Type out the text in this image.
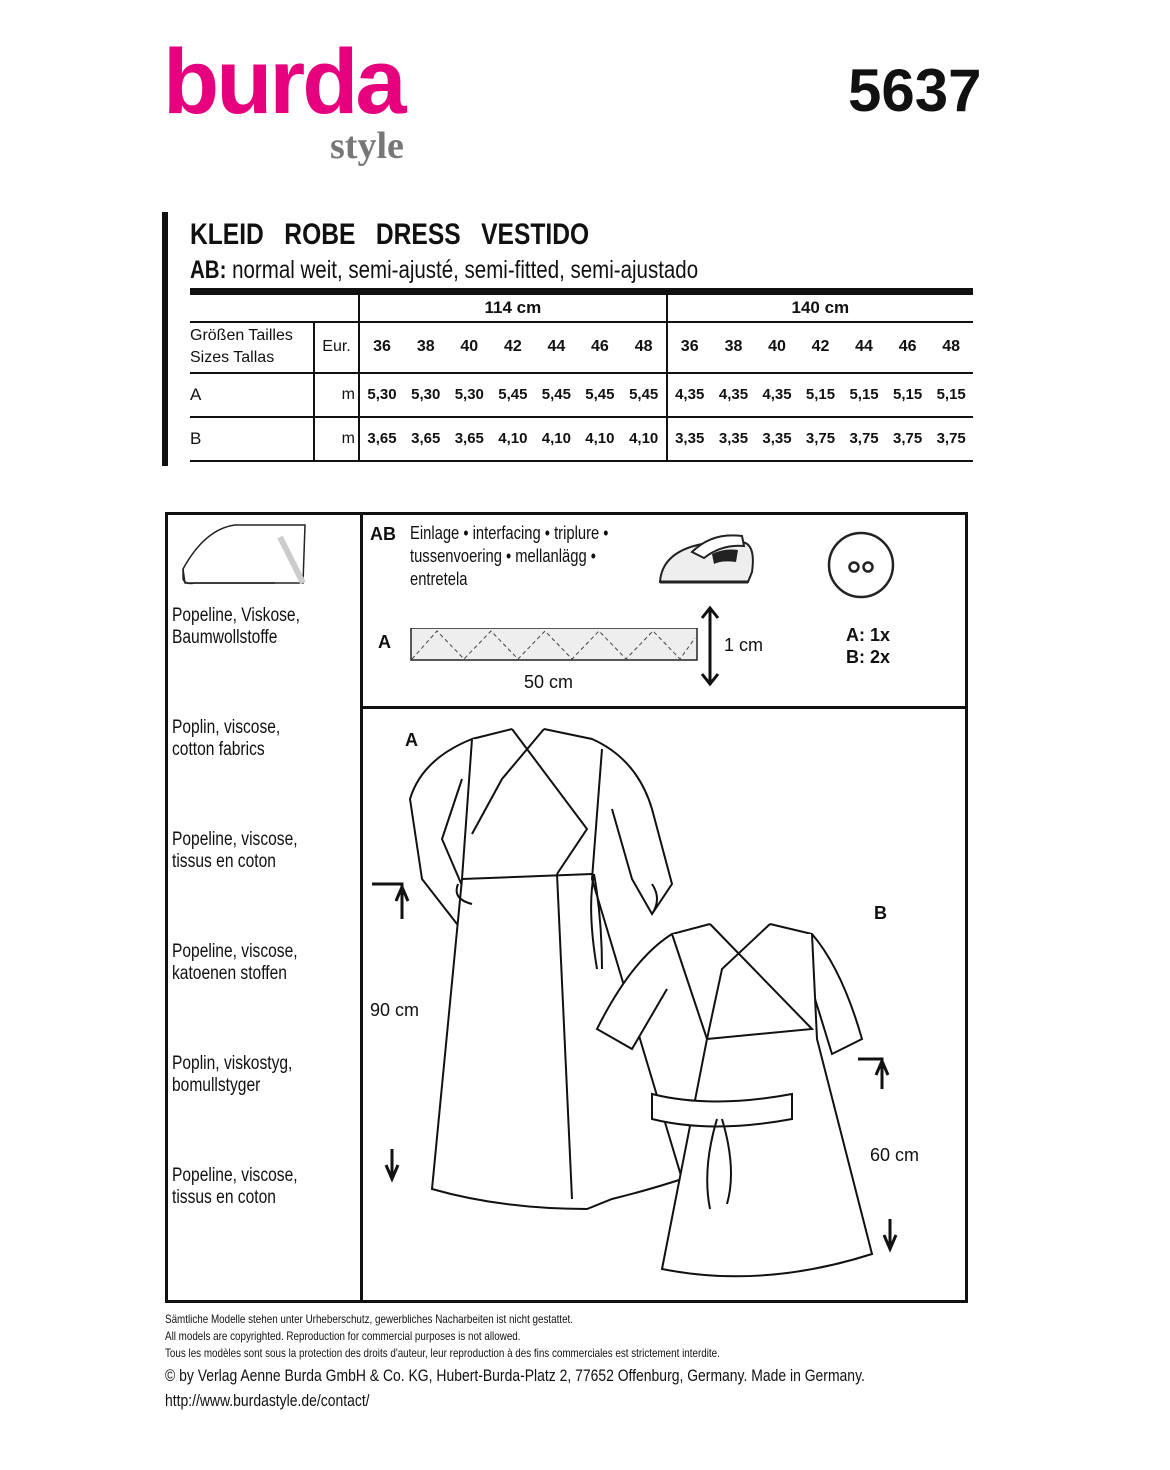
burda
style
5637
KLEID   ROBE   DRESS   VESTIDO
AB: normal weit, semi-ajusté, semi-fitted, semi-ajustado
		114 cm							140 cm						
Größen Tailles
Sizes Tallas	Eur.	36	38	40	42	44	46	48	36	38	40	42	44	46	48
A	m	5,30	5,30	5,30	5,45	5,45	5,45	5,45	4,35	4,35	4,35	5,15	5,15	5,15	5,15
B	m	3,65	3,65	3,65	4,10	4,10	4,10	4,10	3,35	3,35	3,35	3,75	3,75	3,75	3,75
Popeline, Viskose,
Baumwollstoffe
Poplin, viscose,
cotton fabrics
Popeline, viscose,
tissus en coton
Popeline, viscose,
katoenen stoffen
Poplin, viskostyg,
bomullstyger
Popeline, viscose,
tissus en coton
AB Einlage • interfacing • triplure •
tussenvoering • mellanlägg •
entretela
A	1 cm
50 cm
A: 1x
B: 2x
A
B
90 cm
60 cm
Sämtliche Modelle stehen unter Urheberschutz, gewerbliches Nacharbeiten ist nicht gestattet.
All models are copyrighted. Reproduction for commercial purposes is not allowed.
Tous les modèles sont sous la protection des droits d'auteur, leur reproduction à des fins commerciales est strictement interdite.
© by Verlag Aenne Burda GmbH & Co. KG, Hubert-Burda-Platz 2, 77652 Offenburg, Germany. Made in Germany.
http://www.burdastyle.de/contact/
